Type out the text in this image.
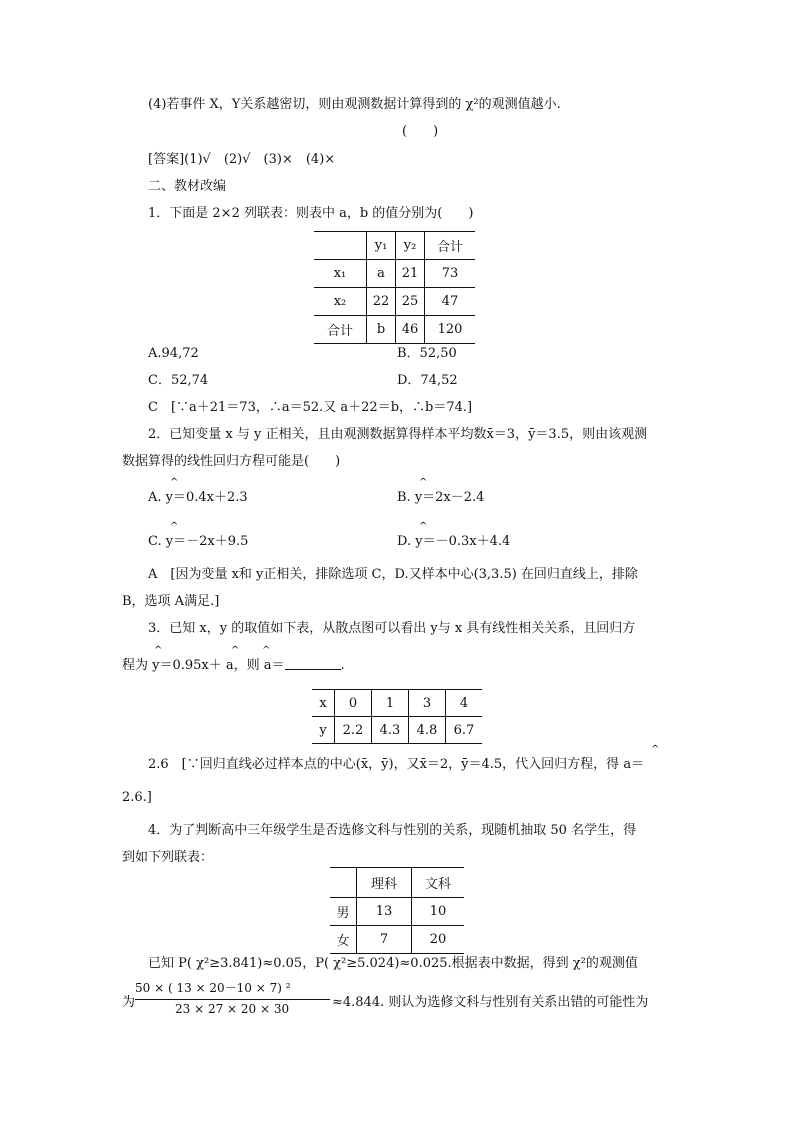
(4)若事件 X，Y关系越密切，则由观测数据计算得到的 χ²的观测值越小.
(　　)
[答案](1)√　(2)√　(3)×　(4)×
二、教材改编
1．下面是 2×2 列联表：则表中 a，b 的值分别为(　　)
	y₁	y₂	合计
x₁	a	21	73
x₂	22	25	47
合计	b	46	120
A.94,72	B．52,50
C．52,74	D．74,52
C　[∵a＋21＝73，∴a＝52.又 a＋22＝b，∴b＝74.]
2．已知变量 x 与 y 正相关，且由观测数据算得样本平均数x̄＝3，ȳ＝3.5，则由该观测
数据算得的线性回归方程可能是(　　)
^
A. y＝0.4x＋2.3
^
B. y＝2x－2.4
^
C. y＝－2x＋9.5
^
D. y＝－0.3x＋4.4
A　[因为变量 x和 y正相关，排除选项 C，D.又样本中心(3,3.5) 在回归直线上，排除
B，选项 A满足.]
3．已知 x，y 的取值如下表，从散点图可以看出 y与 x 具有线性相关关系，且回归方
^	^ ^
程为 y＝0.95x＋ a，则 a＝	.
x	0	1	3	4
y	2.2	4.3	4.8	6.7
^
2.6　[∵回归直线必过样本点的中心(x̄，ȳ)，又x̄＝2，ȳ＝4.5，代入回归方程，得 a＝
2.6.]
4．为了判断高中三年级学生是否选修文科与性别的关系，现随机抽取 50 名学生，得
到如下列联表：
	理科	文科
男	13	10
女	7	20
已知 P( χ²≥3.841)≈0.05，P( χ²≥5.024)≈0.025.根据表中数据，得到 χ²的观测值
为
50 × ( 13 × 20－10 × 7) ²
23 × 27 × 20 × 30	≈4.844. 则认为选修文科与性别有关系出错的可能性为
